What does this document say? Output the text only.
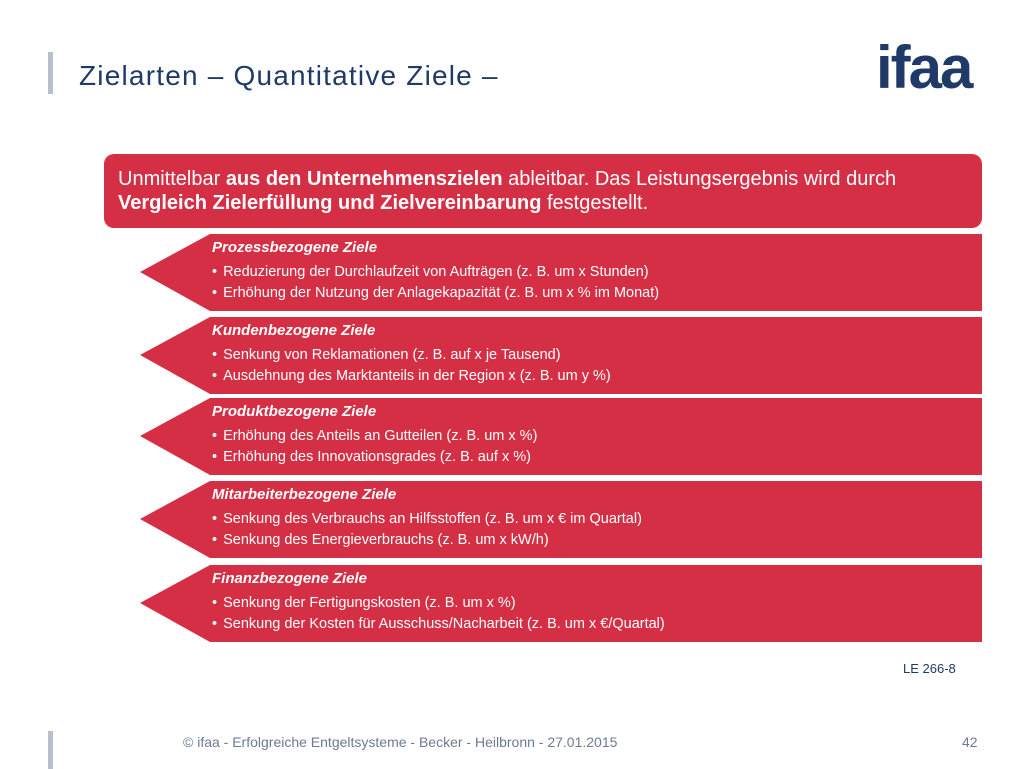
Zielarten – Quantitative Ziele –	ifaa
Unmittelbar aus den Unternehmenszielen ableitbar. Das Leistungsergebnis wird durch Vergleich Zielerfüllung und Zielvereinbarung festgestellt.
Prozessbezogene Ziele
• Reduzierung der Durchlaufzeit von Aufträgen (z. B. um x Stunden)
• Erhöhung der Nutzung der Anlagekapazität (z. B. um x % im Monat)
Kundenbezogene Ziele
• Senkung von Reklamationen (z. B. auf x je Tausend)
• Ausdehnung des Marktanteils in der Region x (z. B. um y %)
Produktbezogene Ziele
• Erhöhung des Anteils an Gutteilen (z. B. um x %)
• Erhöhung des Innovationsgrades (z. B. auf x %)
Mitarbeiterbezogene Ziele
• Senkung des Verbrauchs an Hilfsstoffen (z. B. um x € im Quartal)
• Senkung des Energieverbrauchs (z. B. um x kW/h)
Finanzbezogene Ziele
• Senkung der Fertigungskosten (z. B. um x %)
• Senkung der Kosten für Ausschuss/Nacharbeit (z. B. um x €/Quartal)
LE 266-8
© ifaa - Erfolgreiche Entgeltsysteme - Becker - Heilbronn - 27.01.2015	42
